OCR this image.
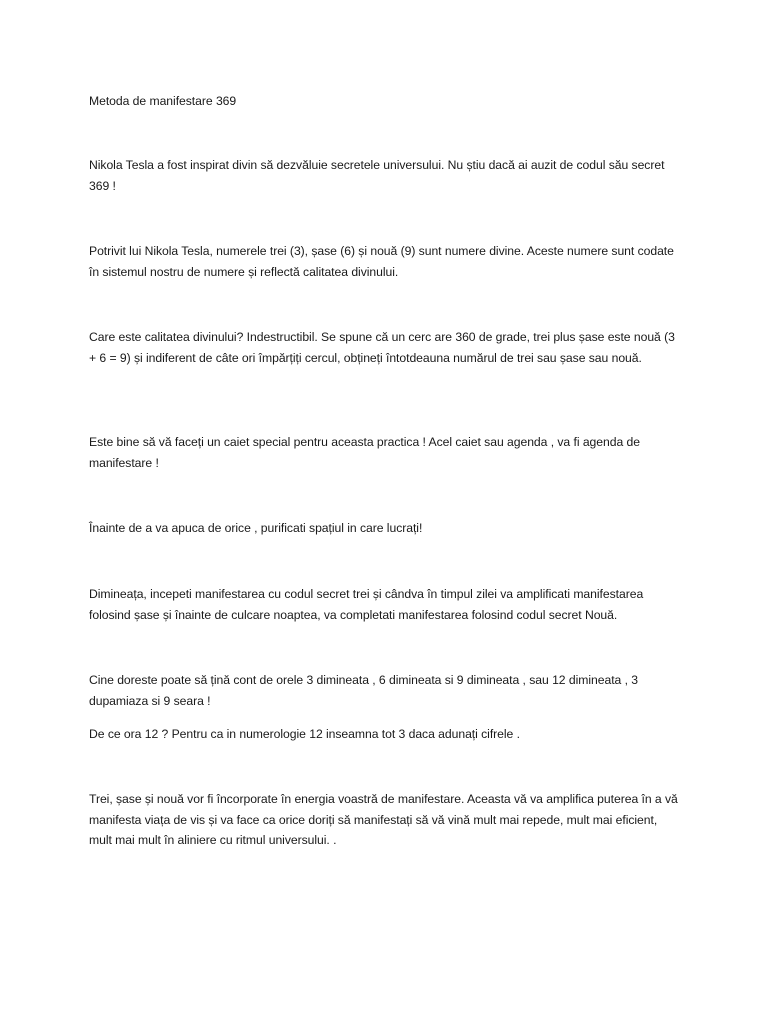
Metoda de manifestare 369

Nikola Tesla a fost inspirat divin să dezvăluie secretele universului. Nu știu dacă ai auzit de codul său secret 369 !

Potrivit lui Nikola Tesla, numerele trei (3), șase (6) și nouă (9) sunt numere divine. Aceste numere sunt codate în sistemul nostru de numere și reflectă calitatea divinului.

Care este calitatea divinului? Indestructibil. Se spune că un cerc are 360 de grade, trei plus șase este nouă (3 + 6 = 9) și indiferent de câte ori împărțiți cercul, obțineți întotdeauna numărul de trei sau șase sau nouă.

Este bine să vă faceți un caiet special pentru aceasta practica ! Acel caiet sau agenda , va fi agenda de manifestare !

Înainte de a va apuca de orice , purificati spațiul in care lucrați!

Dimineața, incepeti manifestarea cu codul secret trei și cândva în timpul zilei va amplificati manifestarea folosind șase și înainte de culcare noaptea, va completati manifestarea folosind codul secret Nouă.

Cine doreste poate să țină cont de orele 3 dimineata , 6 dimineata si 9 dimineata , sau 12 dimineata , 3 dupamiaza si 9 seara !

De ce ora 12 ? Pentru ca in numerologie 12 inseamna tot 3 daca adunați cifrele .

Trei, șase și nouă vor fi încorporate în energia voastră de manifestare. Aceasta vă va amplifica puterea în a vă manifesta viața de vis și va face ca orice doriți să manifestați să vă vină mult mai repede, mult mai eficient, mult mai mult în aliniere cu ritmul universului. .
